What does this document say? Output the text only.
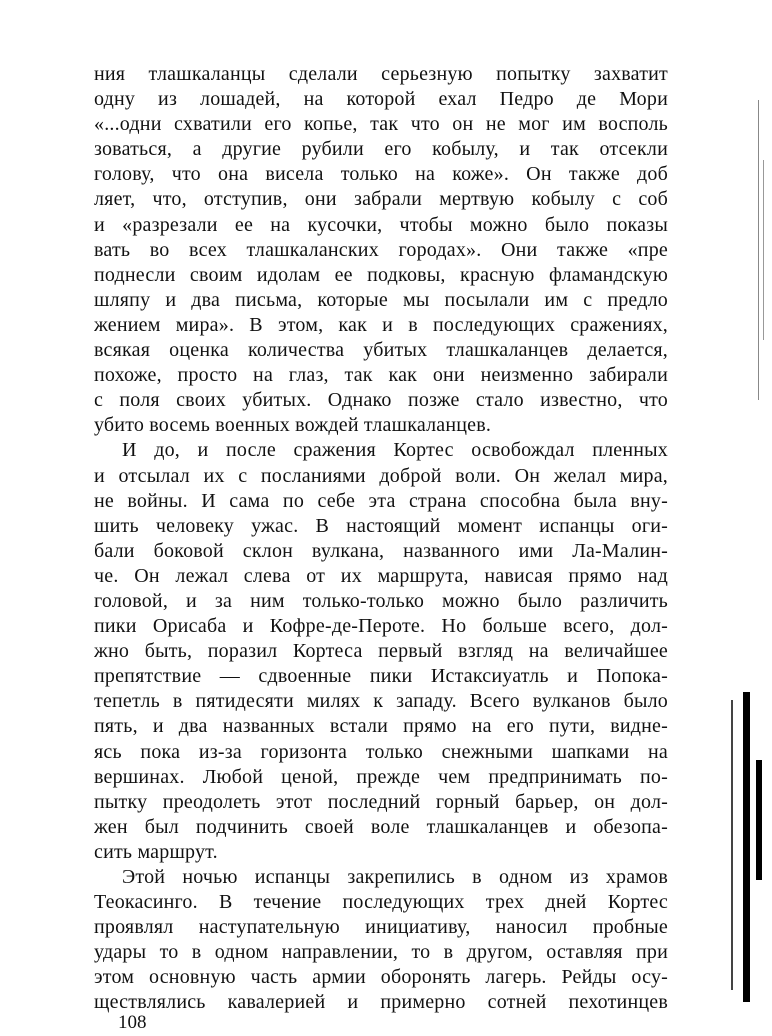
ния тлашкаланцы сделали серьезную попытку захватит
одну из лошадей, на которой ехал Педро де Мори
«...одни схватили его копье, так что он не мог им восполь
зоваться, а другие рубили его кобылу, и так отсекли
голову, что она висела только на коже». Он также доб
ляет, что, отступив, они забрали мертвую кобылу с соб
и «разрезали ее на кусочки, чтобы можно было показы
вать во всех тлашкаланских городах». Они также «пре
поднесли своим идолам ее подковы, красную фламандскую
шляпу и два письма, которые мы посылали им с предло
жением мира». В этом, как и в последующих сражениях,
всякая оценка количества убитых тлашкаланцев делается,
похоже, просто на глаз, так как они неизменно забирали
с поля своих убитых. Однако позже стало известно, что
убито восемь военных вождей тлашкаланцев.
И до, и после сражения Кортес освобождал пленных
и отсылал их с посланиями доброй воли. Он желал мира,
не войны. И сама по себе эта страна способна была вну-
шить человеку ужас. В настоящий момент испанцы оги-
бали боковой склон вулкана, названного ими Ла-Малин-
че. Он лежал слева от их маршрута, нависая прямо над
головой, и за ним только-только можно было различить
пики Орисаба и Кофре-де-Пероте. Но больше всего, дол-
жно быть, поразил Кортеса первый взгляд на величайшее
препятствие — сдвоенные пики Истаксиуатль и Попока-
тепетль в пятидесяти милях к западу. Всего вулканов было
пять, и два названных встали прямо на его пути, видне-
ясь пока из-за горизонта только снежными шапками на
вершинах. Любой ценой, прежде чем предпринимать по-
пытку преодолеть этот последний горный барьер, он дол-
жен был подчинить своей воле тлашкаланцев и обезопа-
сить маршрут.
Этой ночью испанцы закрепились в одном из храмов
Теокасинго. В течение последующих трех дней Кортес
проявлял наступательную инициативу, наносил пробные
удары то в одном направлении, то в другом, оставляя при
этом основную часть армии оборонять лагерь. Рейды осу-
ществлялись кавалерией и примерно сотней пехотинцев
108
